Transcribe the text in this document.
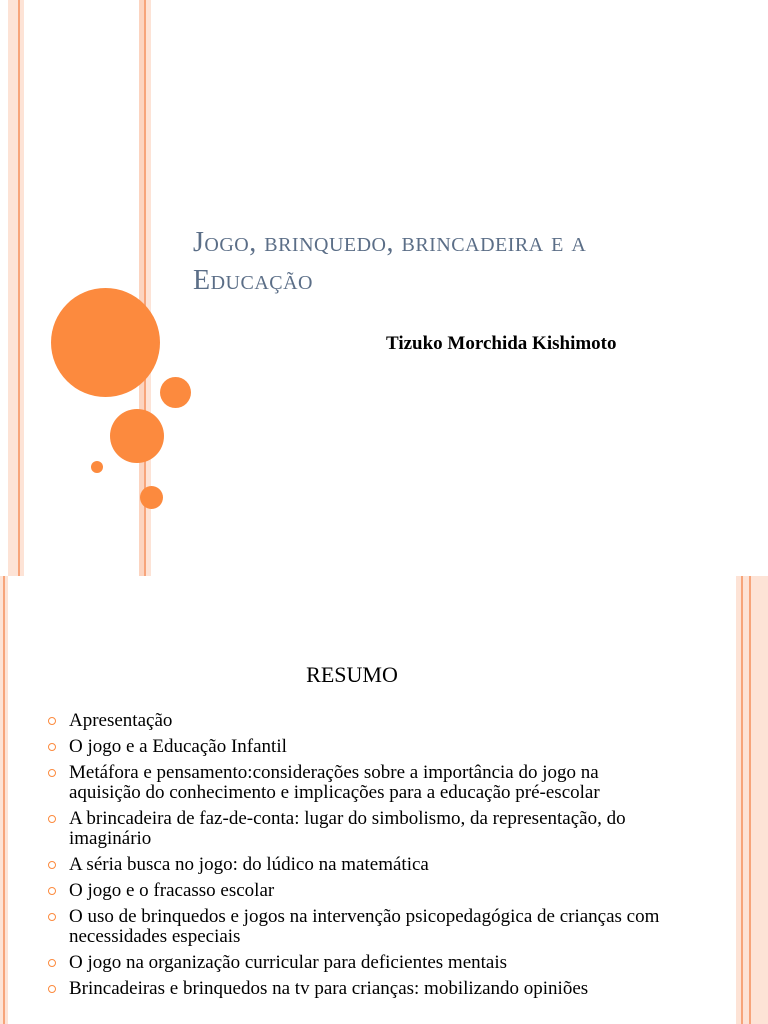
Jogo, brinquedo, brincadeira e a
Educação

Tizuko Morchida Kishimoto

RESUMO
Apresentação
O jogo e a Educação Infantil
Metáfora e pensamento:considerações sobre a importância do jogo na aquisição do conhecimento e implicações para a educação pré-escolar
A brincadeira de faz-de-conta: lugar do simbolismo, da representação, do imaginário
A séria busca no jogo: do lúdico na matemática
O jogo e o fracasso escolar
O uso de brinquedos e jogos na intervenção psicopedagógica de crianças com necessidades especiais
O jogo na organização curricular para deficientes mentais
Brincadeiras e brinquedos na tv para crianças: mobilizando opiniões
